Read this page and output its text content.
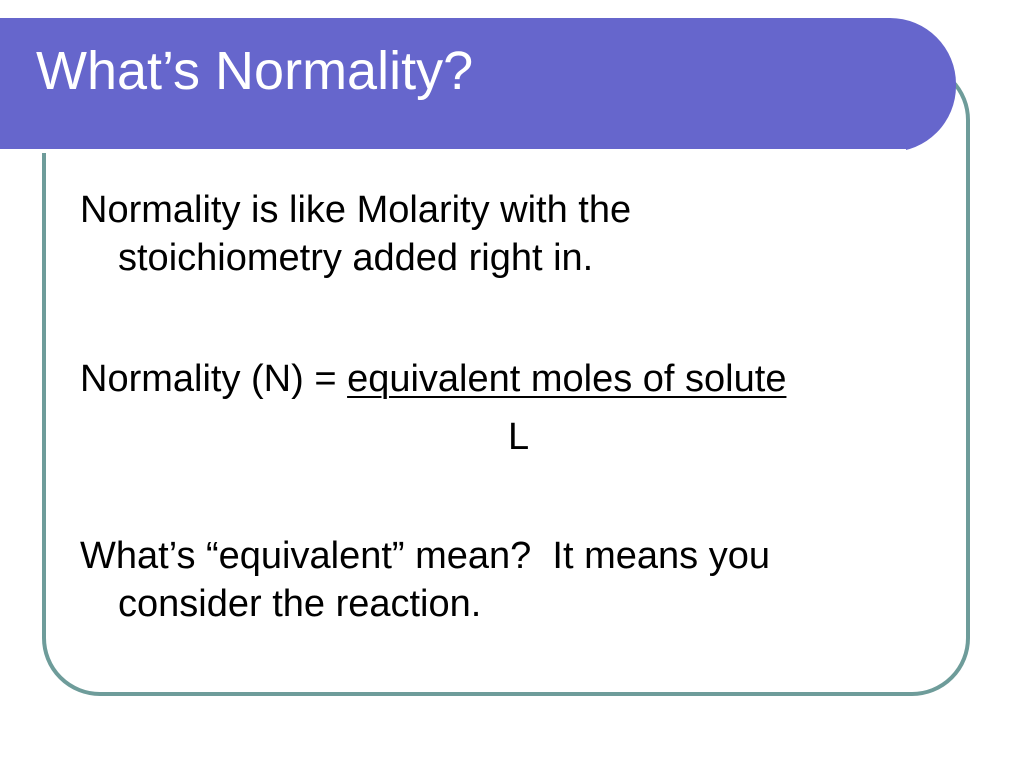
What’s Normality?

Normality is like Molarity with the
stoichiometry added right in.

Normality (N) = equivalent moles of solute

L

What’s “equivalent” mean?  It means you
consider the reaction.
